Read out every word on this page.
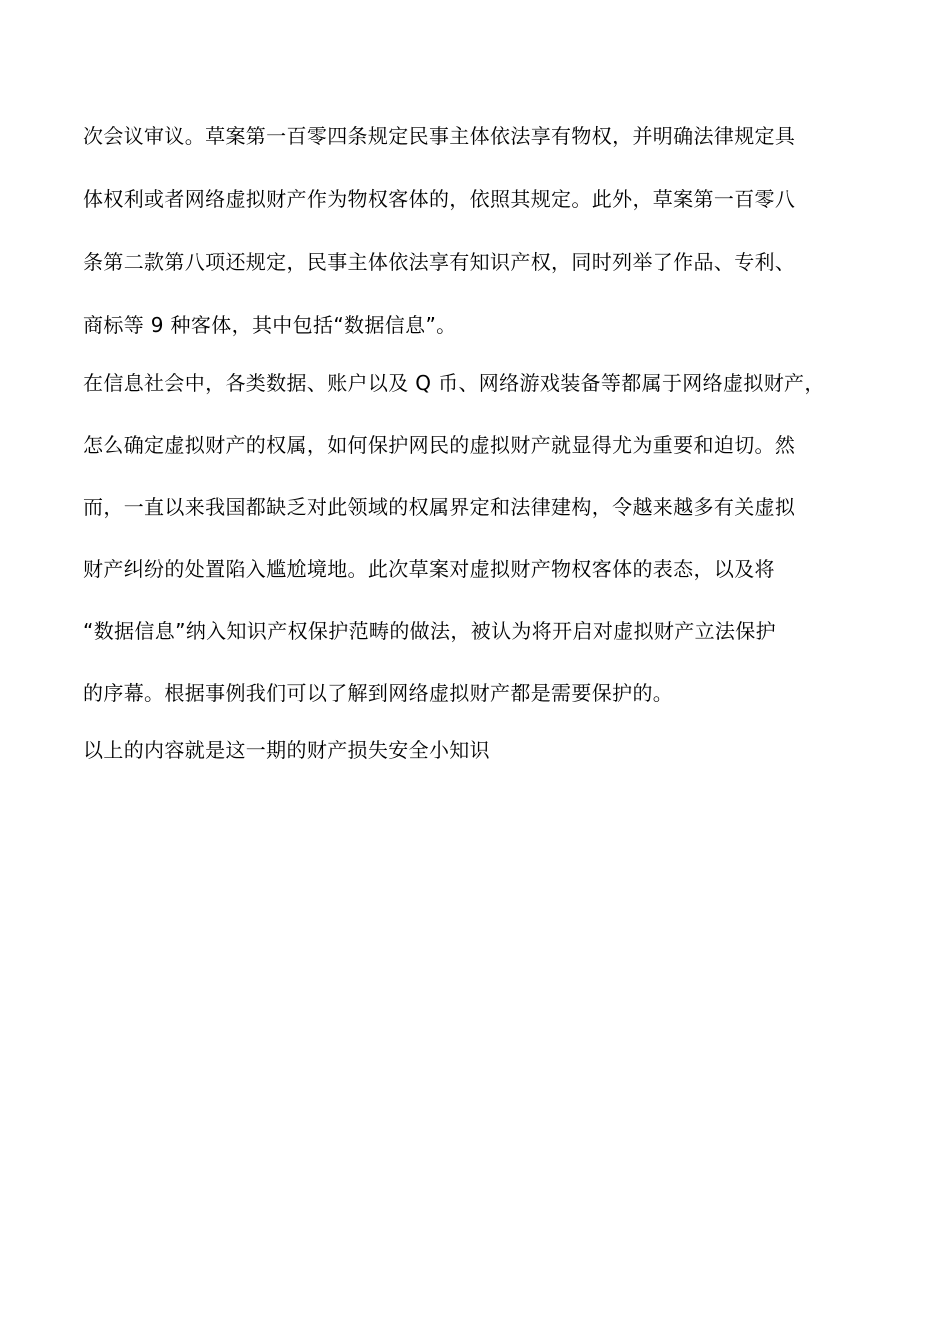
次会议审议。草案第一百零四条规定民事主体依法享有物权，并明确法律规定具
体权利或者网络虚拟财产作为物权客体的，依照其规定。此外，草案第一百零八
条第二款第八项还规定，民事主体依法享有知识产权，同时列举了作品、专利、
商标等 9 种客体，其中包括“数据信息”。
在信息社会中，各类数据、账户以及 Q 币、网络游戏装备等都属于网络虚拟财产，
怎么确定虚拟财产的权属，如何保护网民的虚拟财产就显得尤为重要和迫切。然
而，一直以来我国都缺乏对此领域的权属界定和法律建构，令越来越多有关虚拟
财产纠纷的处置陷入尴尬境地。此次草案对虚拟财产物权客体的表态，以及将
“数据信息”纳入知识产权保护范畴的做法，被认为将开启对虚拟财产立法保护
的序幕。根据事例我们可以了解到网络虚拟财产都是需要保护的。
以上的内容就是这一期的财产损失安全小知识
